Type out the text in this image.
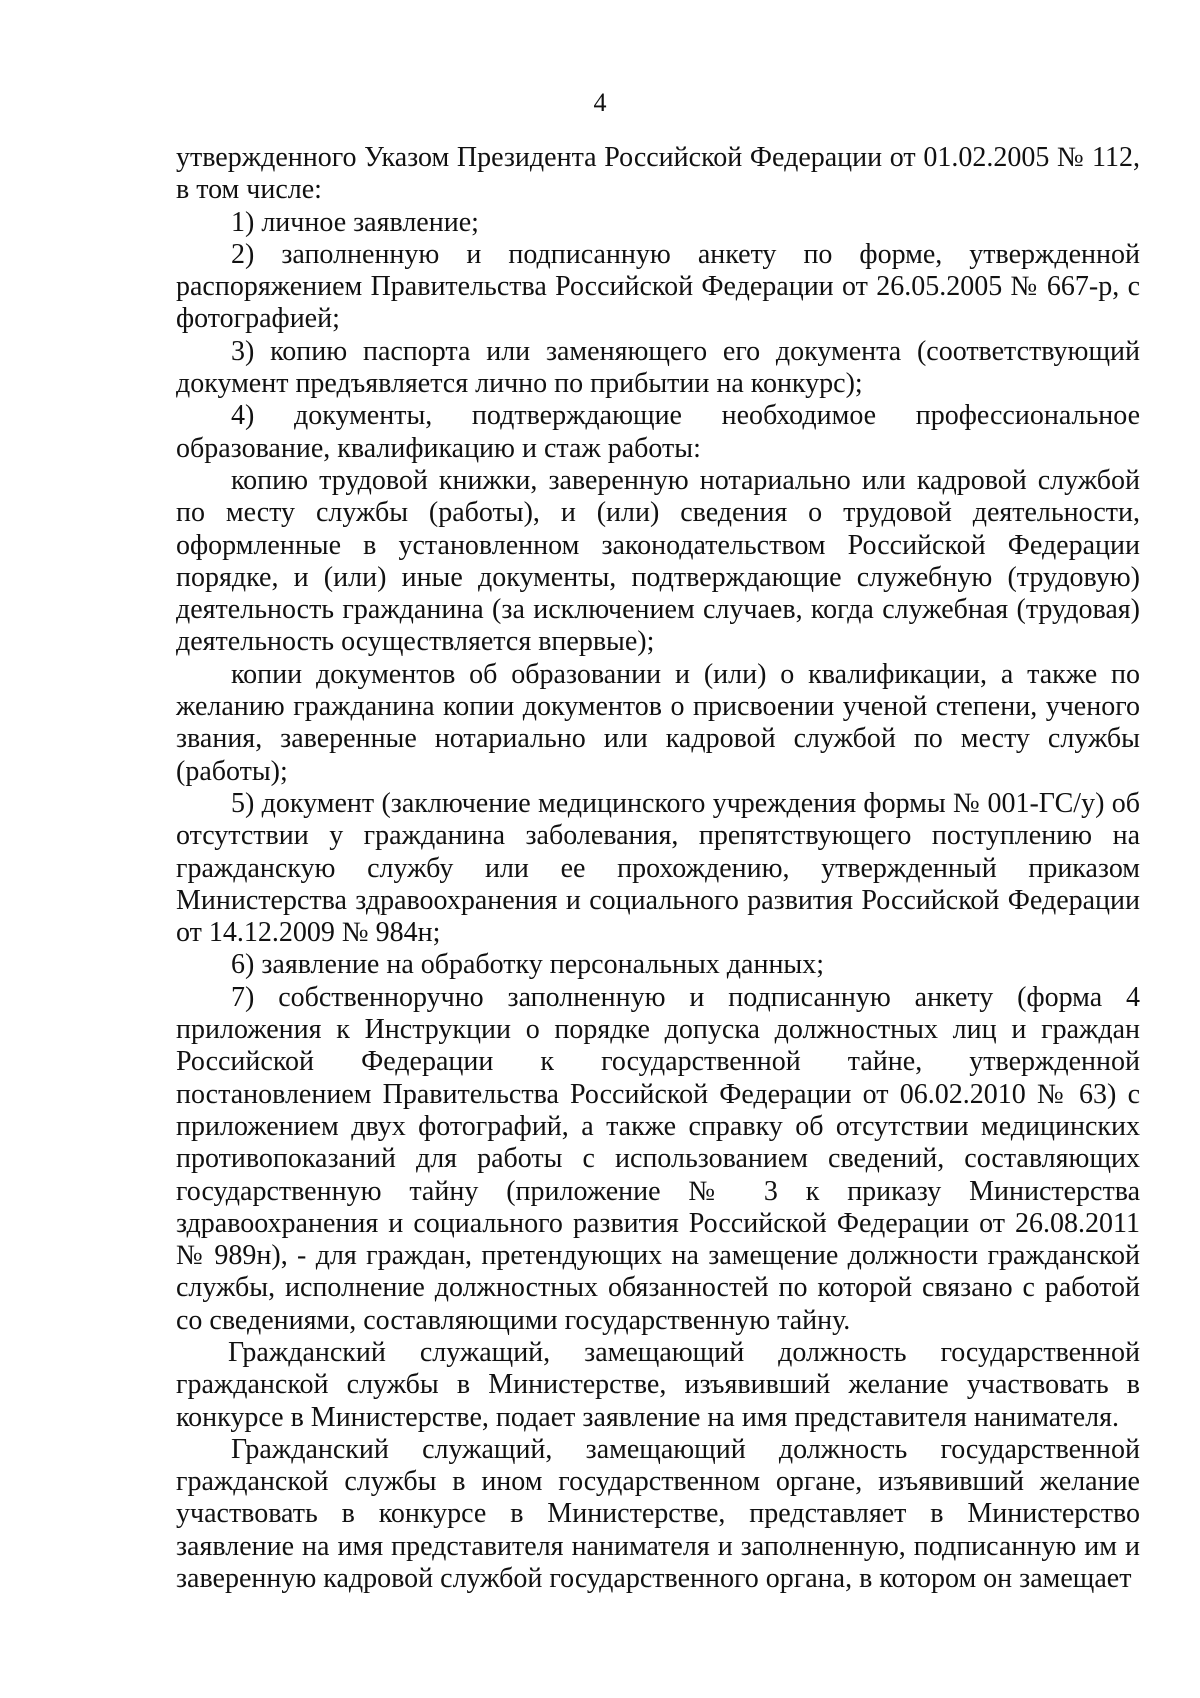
4

утвержденного Указом Президента Российской Федерации от 01.02.2005 № 112, в том числе:

1) личное заявление;

2) заполненную и подписанную анкету по форме, утвержденной распоряжением Правительства Российской Федерации от 26.05.2005 № 667-р, с фотографией;

3) копию паспорта или заменяющего его документа (соответствующий документ предъявляется лично по прибытии на конкурс);

4) документы, подтверждающие необходимое профессиональное образование, квалификацию и стаж работы:

копию трудовой книжки, заверенную нотариально или кадровой службой по месту службы (работы), и (или) сведения о трудовой деятельности, оформленные в установленном законодательством Российской Федерации порядке, и (или) иные документы, подтверждающие служебную (трудовую) деятельность гражданина (за исключением случаев, когда служебная (трудовая) деятельность осуществляется впервые);

копии документов об образовании и (или) о квалификации, а также по желанию гражданина копии документов о присвоении ученой степени, ученого звания, заверенные нотариально или кадровой службой по месту службы (работы);

5) документ (заключение медицинского учреждения формы № 001-ГС/у) об отсутствии у гражданина заболевания, препятствующего поступлению на гражданскую службу или ее прохождению, утвержденный приказом Министерства здравоохранения и социального развития Российской Федерации от 14.12.2009 № 984н;

6) заявление на обработку персональных данных;

7) собственноручно заполненную и подписанную анкету (форма 4 приложения к Инструкции о порядке допуска должностных лиц и граждан Российской Федерации к государственной тайне, утвержденной постановлением Правительства Российской Федерации от 06.02.2010 № 63) с приложением двух фотографий, а также справку об отсутствии медицинских противопоказаний для работы с использованием сведений, составляющих государственную тайну (приложение № 3 к приказу Министерства здравоохранения и социального развития Российской Федерации от 26.08.2011 № 989н), - для граждан, претендующих на замещение должности гражданской службы, исполнение должностных обязанностей по которой связано с работой со сведениями, составляющими государственную тайну.

Гражданский служащий, замещающий должность государственной гражданской службы в Министерстве, изъявивший желание участвовать в конкурсе в Министерстве, подает заявление на имя представителя нанимателя.

Гражданский служащий, замещающий должность государственной гражданской службы в ином государственном органе, изъявивший желание участвовать в конкурсе в Министерстве, представляет в Министерство заявление на имя представителя нанимателя и заполненную, подписанную им и заверенную кадровой службой государственного органа, в котором он замещает
